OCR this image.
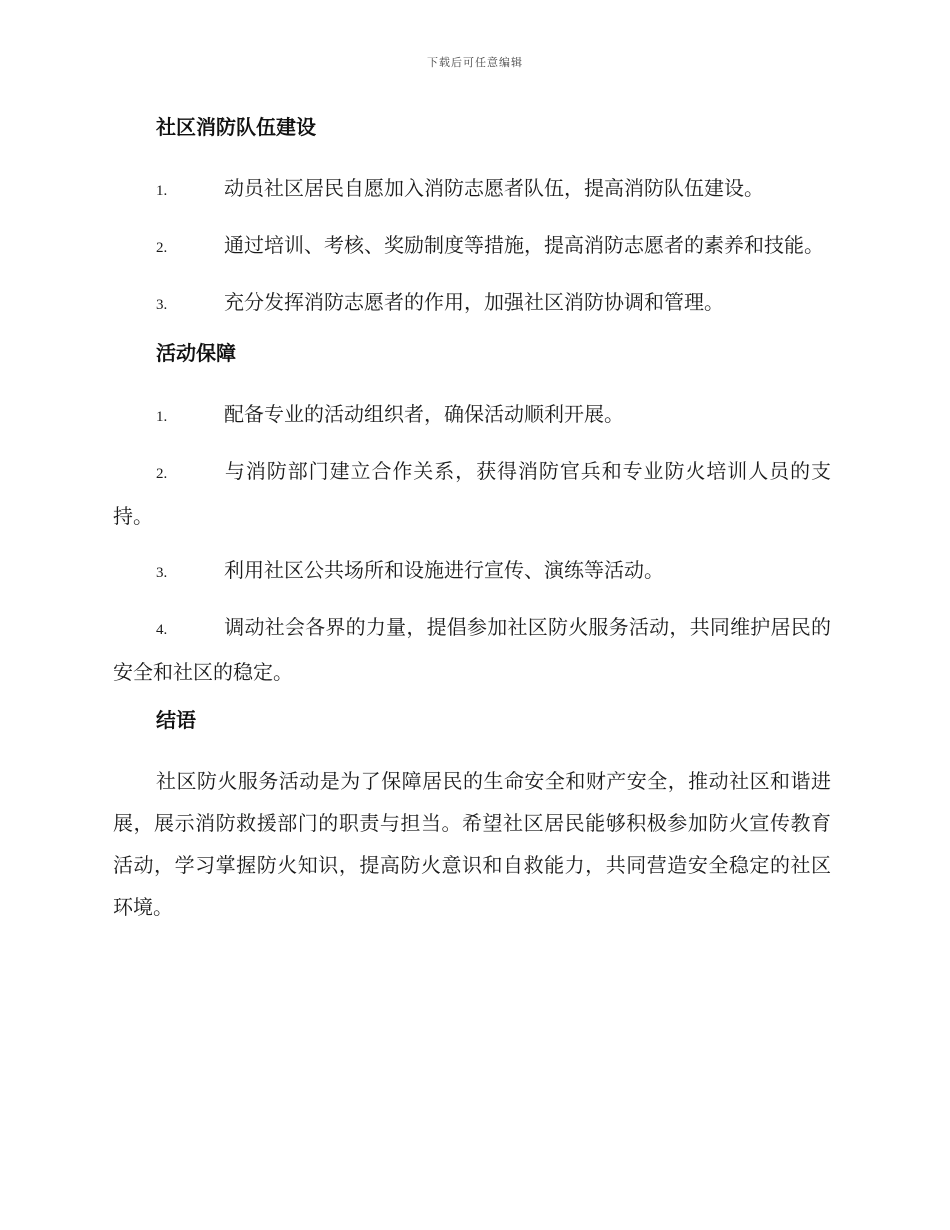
下载后可任意编辑
社区消防队伍建设
1.	动员社区居民自愿加入消防志愿者队伍，提高消防队伍建设。
2.	通过培训、考核、奖励制度等措施，提高消防志愿者的素养和技能。
3.	充分发挥消防志愿者的作用，加强社区消防协调和管理。
活动保障
1.	配备专业的活动组织者，确保活动顺利开展。
2.	与消防部门建立合作关系，获得消防官兵和专业防火培训人员的支持。
3.	利用社区公共场所和设施进行宣传、演练等活动。
4.	调动社会各界的力量，提倡参加社区防火服务活动，共同维护居民的安全和社区的稳定。
结语

社区防火服务活动是为了保障居民的生命安全和财产安全，推动社区和谐进展，展示消防救援部门的职责与担当。希望社区居民能够积极参加防火宣传教育活动，学习掌握防火知识，提高防火意识和自救能力，共同营造安全稳定的社区环境。
